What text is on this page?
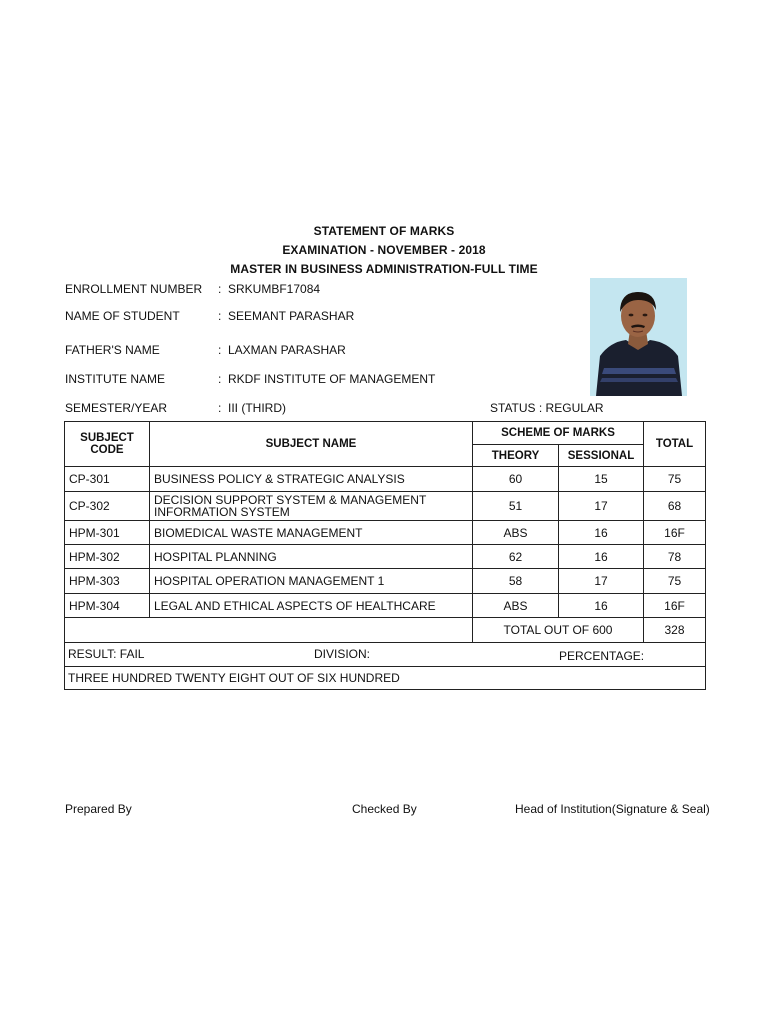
STATEMENT OF MARKS
EXAMINATION - NOVEMBER - 2018
MASTER IN BUSINESS ADMINISTRATION-FULL TIME
ENROLLMENT NUMBER : SRKUMBF17084
NAME OF STUDENT	: SEEMANT PARASHAR
FATHER'S NAME	: LAXMAN PARASHAR
INSTITUTE NAME	: RKDF INSTITUTE OF MANAGEMENT
SEMESTER/YEAR	: III (THIRD)	STATUS : REGULAR
SUBJECT CODE	SUBJECT NAME	SCHEME OF MARKS		TOTAL
		THEORY	SESSIONAL	
CP-301	BUSINESS POLICY & STRATEGIC ANALYSIS	60	15	75
CP-302	DECISION SUPPORT SYSTEM & MANAGEMENT INFORMATION SYSTEM	51	17	68
HPM-301	BIOMEDICAL WASTE MANAGEMENT	ABS	16	16F
HPM-302	HOSPITAL PLANNING	62	16	78
HPM-303	HOSPITAL OPERATION MANAGEMENT 1	58	17	75
HPM-304	LEGAL AND ETHICAL ASPECTS OF HEALTHCARE	ABS	16	16F
		TOTAL OUT OF 600		328

RESULT: FAIL DIVISION: PERCENTAGE:				

THREE HUNDRED TWENTY EIGHT OUT OF SIX HUNDRED				
Prepared By	Checked By	Head of Institution(Signature & Seal)
